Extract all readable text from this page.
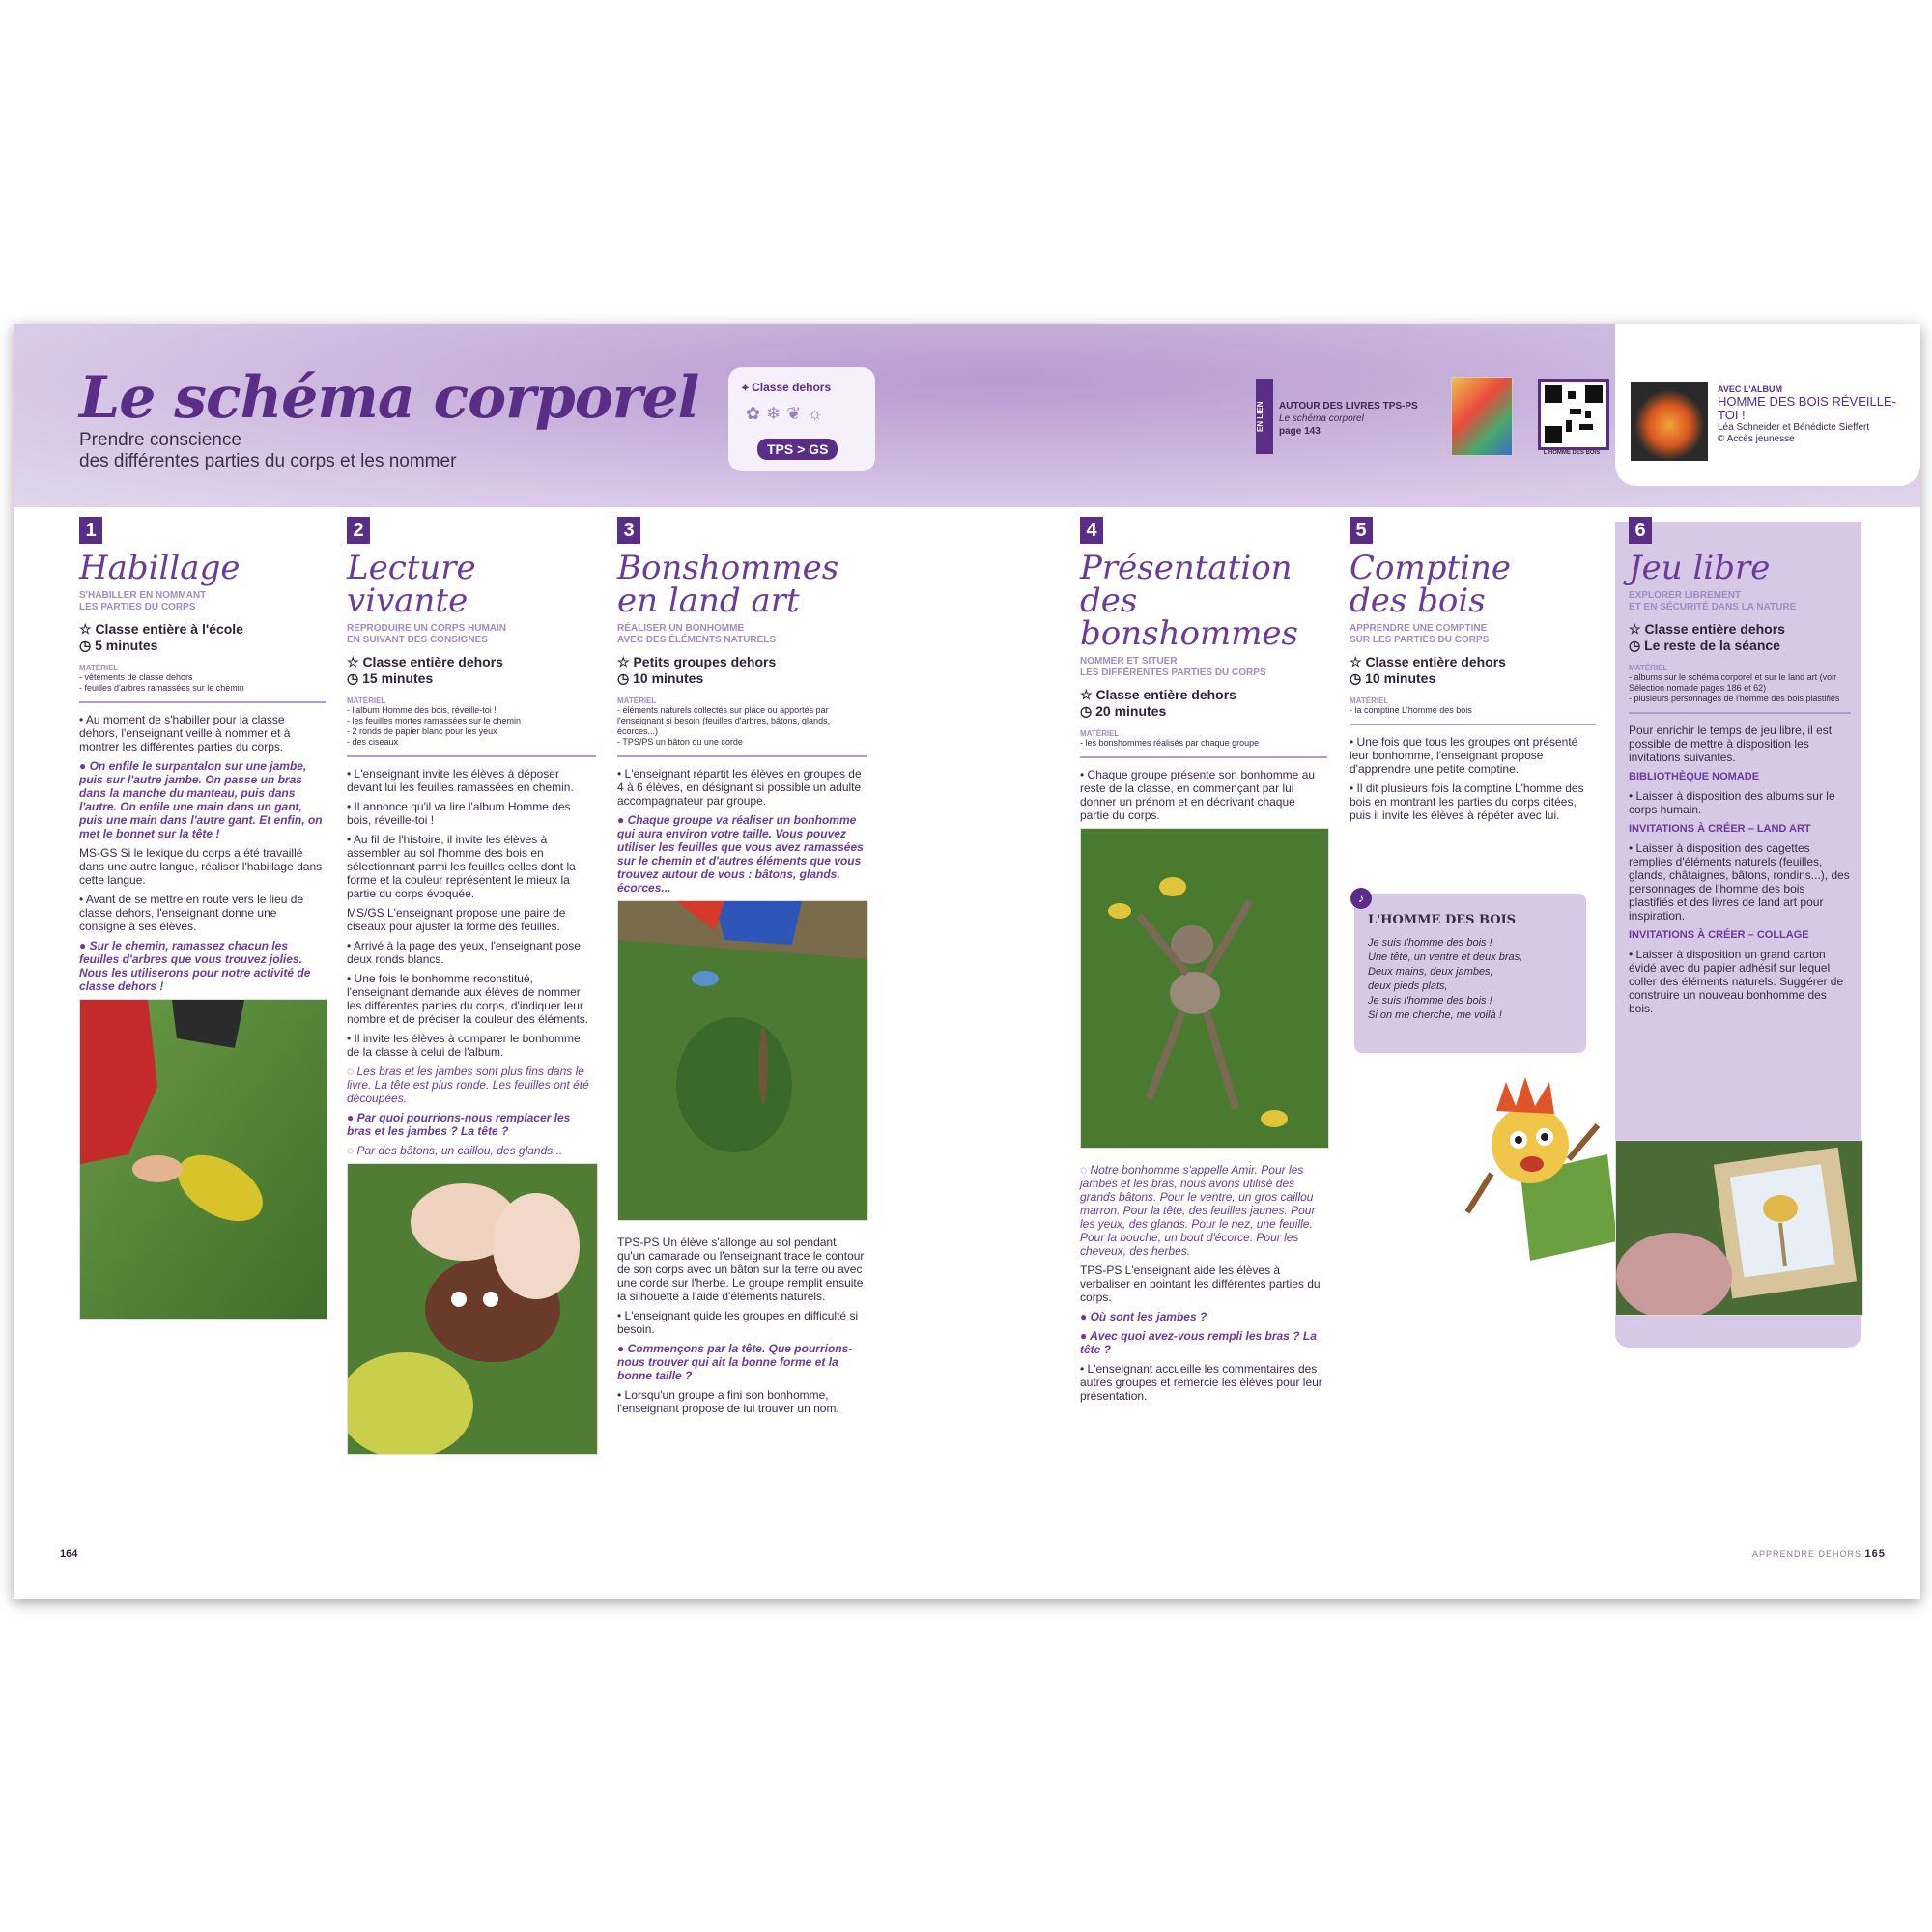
Le schéma corporel
Prendre conscience
des différentes parties du corps et les nommer
⌖ Classe dehors
✿❄❦☼
TPS > GS
EN LIEN	AUTOUR DES LIVRES TPS-PS
Le schéma corporel

page 143
L'HOMME DES BOIS
AVEC L'ALBUM
HOMME DES BOIS RÉVEILLE-TOI !
Léa Schneider et Bénédicte Sieffert
© Accès jeunesse
1
Habillage
S'HABILLER EN NOMMANT
LES PARTIES DU CORPS
☆ Classe entière à l'école
◷ 5 minutes
MATÉRIEL
- vêtements de classe dehors
- feuilles d'arbres ramassées sur le chemin

• Au moment de s'habiller pour la classe dehors, l'enseignant veille à nommer et à montrer les différentes parties du corps.

● On enfile le surpantalon sur une jambe, puis sur l'autre jambe. On passe un bras dans la manche du manteau, puis dans l'autre. On enfile une main dans un gant, puis une main dans l'autre gant. Et enfin, on met le bonnet sur la tête !

MS-GS Si le lexique du corps a été travaillé dans une autre langue, réaliser l'habillage dans cette langue.

• Avant de se mettre en route vers le lieu de classe dehors, l'enseignant donne une consigne à ses élèves.

● Sur le chemin, ramassez chacun les feuilles d'arbres que vous trouvez jolies. Nous les utiliserons pour notre activité de classe dehors !

2
Lecture vivante
REPRODUIRE UN CORPS HUMAIN
EN SUIVANT DES CONSIGNES
☆ Classe entière dehors
◷ 15 minutes
MATÉRIEL
- l'album Homme des bois, réveille-toi !
- les feuilles mortes ramassées sur le chemin
- 2 ronds de papier blanc pour les yeux
- des ciseaux

• L'enseignant invite les élèves à déposer devant lui les feuilles ramassées en chemin.

• Il annonce qu'il va lire l'album Homme des bois, réveille-toi !

• Au fil de l'histoire, il invite les élèves à assembler au sol l'homme des bois en sélectionnant parmi les feuilles celles dont la forme et la couleur représentent le mieux la partie du corps évoquée.

MS/GS L'enseignant propose une paire de ciseaux pour ajuster la forme des feuilles.

• Arrivé à la page des yeux, l'enseignant pose deux ronds blancs.

• Une fois le bonhomme reconstitué, l'enseignant demande aux élèves de nommer les différentes parties du corps, d'indiquer leur nombre et de préciser la couleur des éléments.

• Il invite les élèves à comparer le bonhomme de la classe à celui de l'album.

◌ Les bras et les jambes sont plus fins dans le livre. La tête est plus ronde. Les feuilles ont été découpées.

● Par quoi pourrions-nous remplacer les bras et les jambes ? La tête ?

◌ Par des bâtons, un caillou, des glands...

3
Bonshommes
en land art
RÉALISER UN BONHOMME
AVEC DES ÉLÉMENTS NATURELS
☆ Petits groupes dehors
◷ 10 minutes
MATÉRIEL
- éléments naturels collectés sur place ou apportés par l'enseignant si besoin (feuilles d'arbres, bâtons, glands, écorces...)
- TPS/PS un bâton ou une corde

• L'enseignant répartit les élèves en groupes de 4 à 6 élèves, en désignant si possible un adulte accompagnateur par groupe.

● Chaque groupe va réaliser un bonhomme qui aura environ votre taille. Vous pouvez utiliser les feuilles que vous avez ramassées sur le chemin et d'autres éléments que vous trouvez autour de vous : bâtons, glands, écorces...

TPS-PS Un élève s'allonge au sol pendant qu'un camarade ou l'enseignant trace le contour de son corps avec un bâton sur la terre ou avec une corde sur l'herbe. Le groupe remplit ensuite la silhouette à l'aide d'éléments naturels.

• L'enseignant guide les groupes en difficulté si besoin.

● Commençons par la tête. Que pourrions-nous trouver qui ait la bonne forme et la bonne taille ?

• Lorsqu'un groupe a fini son bonhomme, l'enseignant propose de lui trouver un nom.

4
Présentation
des bonshommes
NOMMER ET SITUER
LES DIFFÉRENTES PARTIES DU CORPS
☆ Classe entière dehors
◷ 20 minutes
MATÉRIEL
- les bonshommes réalisés par chaque groupe

• Chaque groupe présente son bonhomme au reste de la classe, en commençant par lui donner un prénom et en décrivant chaque partie du corps.

◌ Notre bonhomme s'appelle Amir. Pour les jambes et les bras, nous avons utilisé des grands bâtons. Pour le ventre, un gros caillou marron. Pour la tête, des feuilles jaunes. Pour les yeux, des glands. Pour le nez, une feuille. Pour la bouche, un bout d'écorce. Pour les cheveux, des herbes.

TPS-PS L'enseignant aide les élèves à verbaliser en pointant les différentes parties du corps.

● Où sont les jambes ?

● Avec quoi avez-vous rempli les bras ? La tête ?

• L'enseignant accueille les commentaires des autres groupes et remercie les élèves pour leur présentation.

5
Comptine
des bois
APPRENDRE UNE COMPTINE
SUR LES PARTIES DU CORPS
☆ Classe entière dehors
◷ 10 minutes
MATÉRIEL
- la comptine L'homme des bois

• Une fois que tous les groupes ont présenté leur bonhomme, l'enseignant propose d'apprendre une petite comptine.

• Il dit plusieurs fois la comptine L'homme des bois en montrant les parties du corps citées, puis il invite les élèves à répéter avec lui.

♪
L'HOMME DES BOIS
Je suis l'homme des bois !
Une tête, un ventre et deux bras,
Deux mains, deux jambes,
deux pieds plats,
Je suis l'homme des bois !
Si on me cherche, me voilà !
6
Jeu libre
EXPLORER LIBREMENT
ET EN SÉCURITÉ DANS LA NATURE
☆ Classe entière dehors
◷ Le reste de la séance
MATÉRIEL
- albums sur le schéma corporel et sur le land art (voir Sélection nomade pages 186 et 62)
- plusieurs personnages de l'homme des bois plastifiés

Pour enrichir le temps de jeu libre, il est possible de mettre à disposition les invitations suivantes.

BIBLIOTHÈQUE NOMADE

• Laisser à disposition des albums sur le corps humain.

INVITATIONS À CRÉER – LAND ART

• Laisser à disposition des cagettes remplies d'éléments naturels (feuilles, glands, châtaignes, bâtons, rondins...), des personnages de l'homme des bois plastifiés et des livres de land art pour inspiration.

INVITATIONS À CRÉER – COLLAGE

• Laisser à disposition un grand carton évidé avec du papier adhésif sur lequel coller des éléments naturels. Suggérer de construire un nouveau bonhomme des bois.

164	APPRENDRE DEHORS 165
